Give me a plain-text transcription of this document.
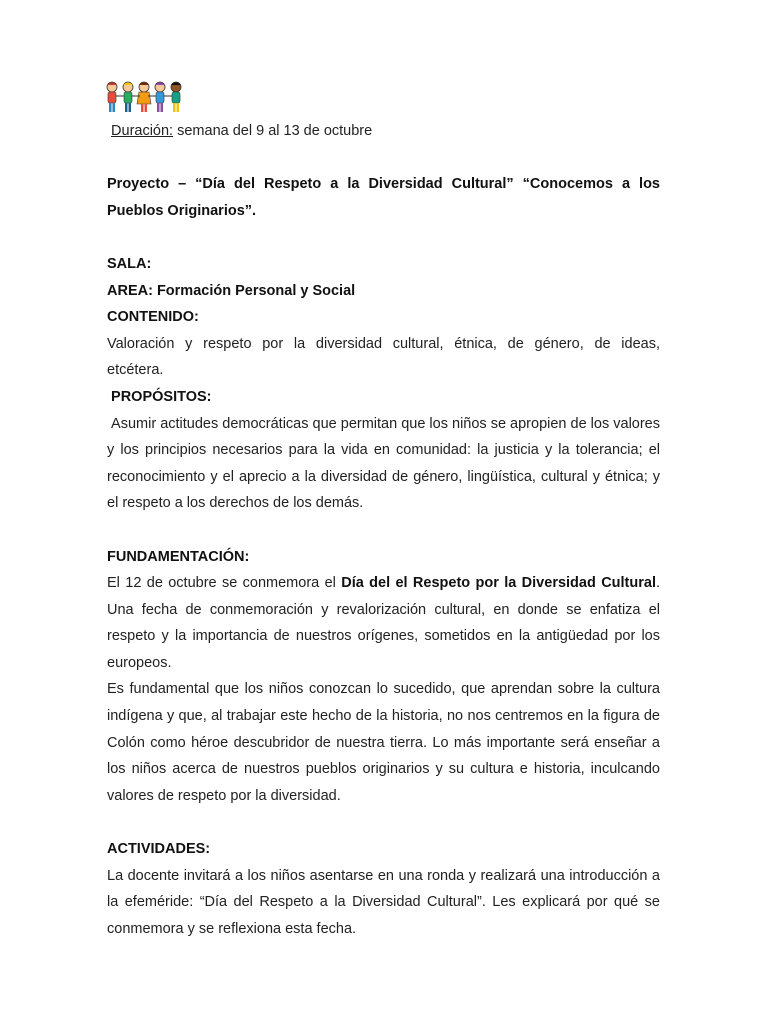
Duración: semana del 9 al 13 de octubre
Proyecto – “Día del Respeto a la Diversidad Cultural” “Conocemos a los
Pueblos Originarios”.
SALA:
AREA: Formación Personal y Social
CONTENIDO:
Valoración y respeto por la diversidad cultural, étnica, de género, de ideas,
etcétera.
PROPÓSITOS:
Asumir actitudes democráticas que permitan que los niños se apropien de los valores y los principios necesarios para la vida en comunidad: la justicia y la tolerancia; el reconocimiento y el aprecio a la diversidad de género, lingüística, cultural y étnica; y el respeto a los derechos de los demás.
FUNDAMENTACIÓN:
El 12 de octubre se conmemora el Día del el Respeto por la Diversidad Cultural. Una fecha de conmemoración y revalorización cultural, en donde se enfatiza el respeto y la importancia de nuestros orígenes, sometidos en la antigüedad por los europeos.
Es fundamental que los niños conozcan lo sucedido, que aprendan sobre la cultura indígena y que, al trabajar este hecho de la historia, no nos centremos en la figura de Colón como héroe descubridor de nuestra tierra. Lo más importante será enseñar a los niños acerca de nuestros pueblos originarios y su cultura e historia, inculcando valores de respeto por la diversidad.
ACTIVIDADES:
La docente invitará a los niños asentarse en una ronda y realizará una introducción a la efeméride: “Día del Respeto a la Diversidad Cultural”. Les explicará por qué se conmemora y se reflexiona esta fecha.
